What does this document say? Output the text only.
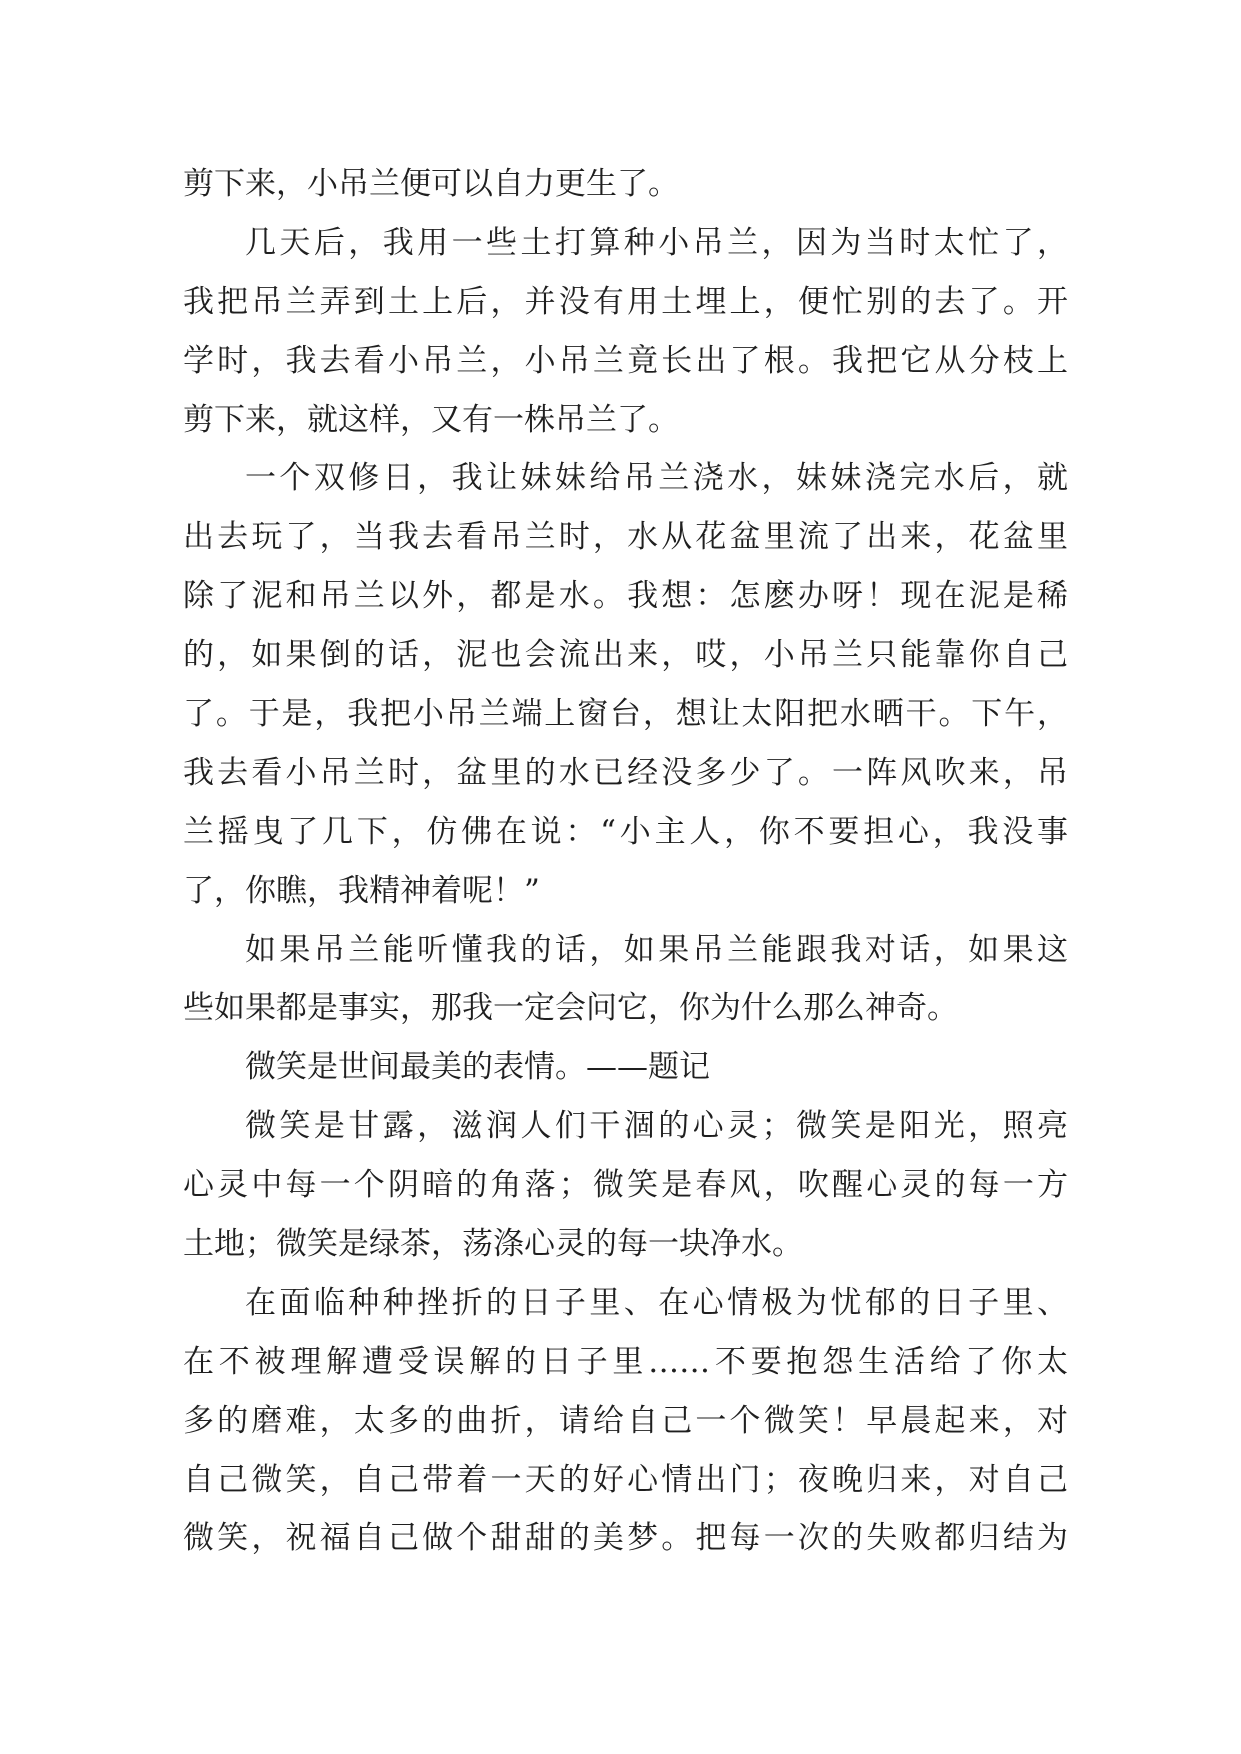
剪下来，小吊兰便可以自力更生了。
几天后，我用一些土打算种小吊兰，因为当时太忙了，
我把吊兰弄到土上后，并没有用土埋上，便忙别的去了。开
学时，我去看小吊兰，小吊兰竟长出了根。我把它从分枝上
剪下来，就这样，又有一株吊兰了。
一个双修日，我让妹妹给吊兰浇水，妹妹浇完水后，就
出去玩了，当我去看吊兰时，水从花盆里流了出来，花盆里
除了泥和吊兰以外，都是水。我想：怎麽办呀！现在泥是稀
的，如果倒的话，泥也会流出来，哎，小吊兰只能靠你自己
了。于是，我把小吊兰端上窗台，想让太阳把水晒干。下午，
我去看小吊兰时，盆里的水已经没多少了。一阵风吹来，吊
兰摇曳了几下，仿佛在说：“小主人，你不要担心，我没事
了，你瞧，我精神着呢！”
如果吊兰能听懂我的话，如果吊兰能跟我对话，如果这
些如果都是事实，那我一定会问它，你为什么那么神奇。
微笑是世间最美的表情。——题记
微笑是甘露，滋润人们干涸的心灵；微笑是阳光，照亮
心灵中每一个阴暗的角落；微笑是春风，吹醒心灵的每一方
土地；微笑是绿茶，荡涤心灵的每一块净水。
在面临种种挫折的日子里、在心情极为忧郁的日子里、
在不被理解遭受误解的日子里……不要抱怨生活给了你太
多的磨难，太多的曲折，请给自己一个微笑！早晨起来，对
自己微笑，自己带着一天的好心情出门；夜晚归来，对自己
微笑，祝福自己做个甜甜的美梦。把每一次的失败都归结为
